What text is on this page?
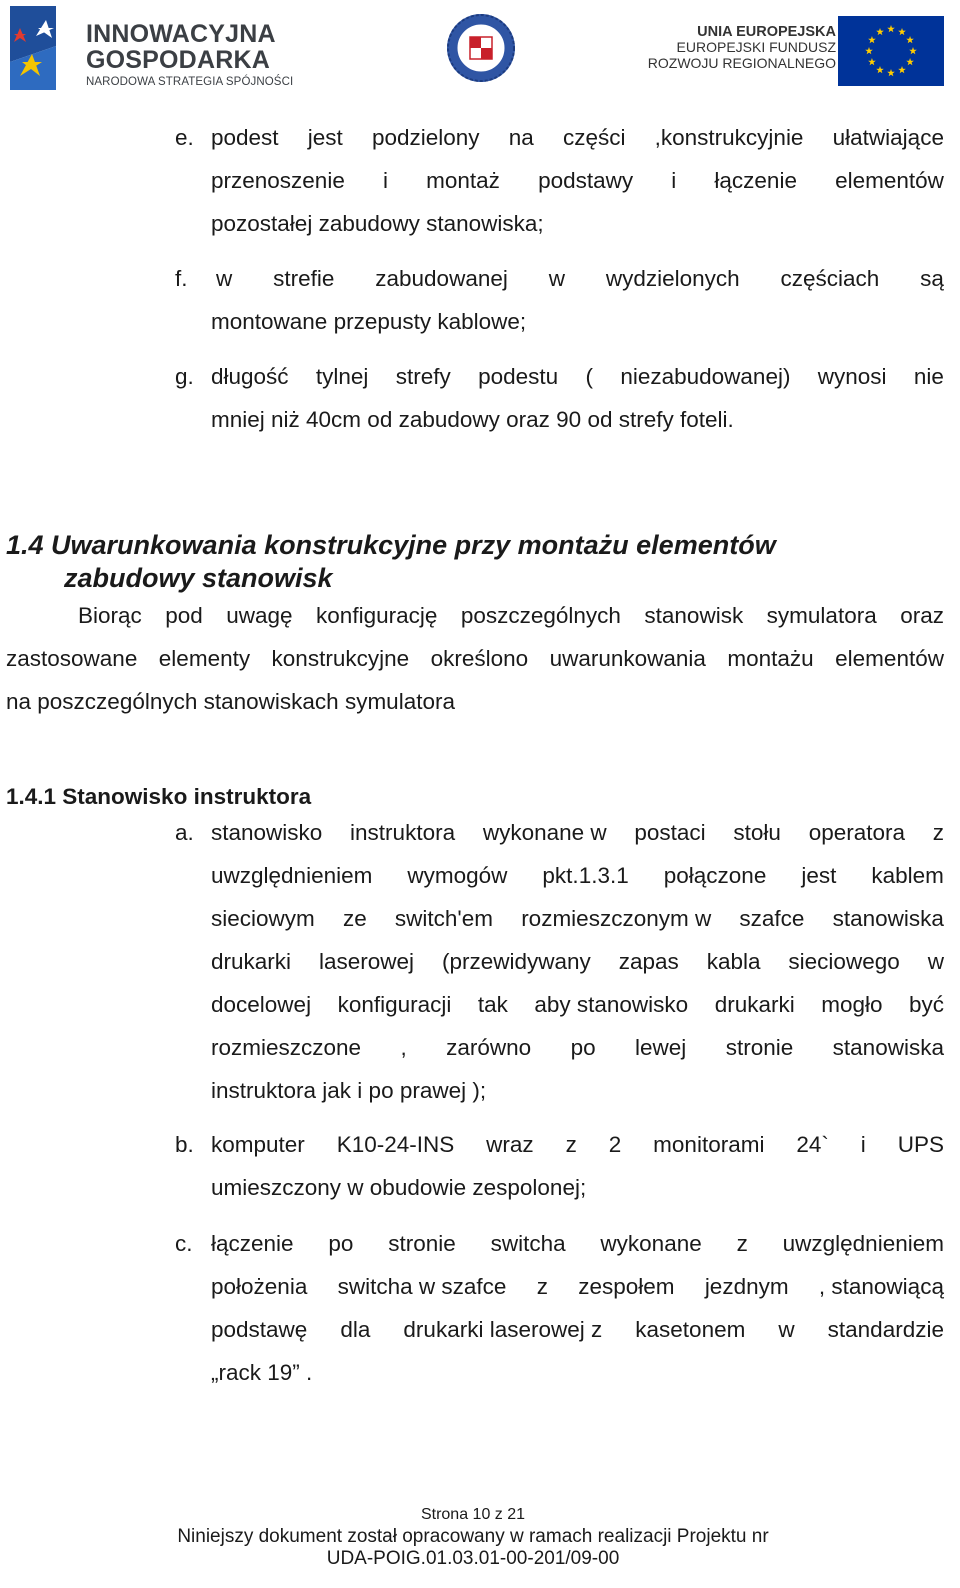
INNOWACYJNA
GOSPODARKA
NARODOWA STRATEGIA SPÓJNOŚCI
UNIA EUROPEJSKA
EUROPEJSKI FUNDUSZ
ROZWOJU REGIONALNEGO
e. podest jest podzielony na części ,konstrukcyjnie ułatwiające
przenoszenie i montaż podstawy i łączenie elementów
pozostałej zabudowy stanowiska;
f. w strefie zabudowanej w wydzielonych częściach są
montowane przepusty kablowe;
g. długość tylnej strefy podestu ( niezabudowanej) wynosi nie
mniej niż 40cm od zabudowy oraz 90 od strefy foteli.
1.4 Uwarunkowania konstrukcyjne przy montażu elementów
zabudowy stanowisk
Biorąc pod uwagę konfigurację poszczególnych stanowisk symulatora oraz
zastosowane elementy konstrukcyjne określono uwarunkowania montażu elementów
na poszczególnych stanowiskach symulatora
1.4.1 Stanowisko instruktora
a. stanowisko instruktora wykonane w postaci stołu operatora z
uwzględnieniem wymogów pkt.1.3.1 połączone jest kablem
sieciowym ze switch'em rozmieszczonym w szafce stanowiska
drukarki laserowej (przewidywany zapas kabla sieciowego w
docelowej konfiguracji tak aby stanowisko drukarki mogło być
rozmieszczone , zarówno po lewej stronie stanowiska
instruktora jak i po prawej );
b. komputer K10-24-INS wraz z 2 monitorami 24` i UPS
umieszczony w obudowie zespolonej;
c. łączenie po stronie switcha wykonane z uwzględnieniem
położenia switcha w szafce z zespołem jezdnym , stanowiącą
podstawę dla drukarki laserowej z kasetonem w standardzie
„rack 19” .
Strona 10 z 21
Niniejszy dokument został opracowany w ramach realizacji Projektu nr
UDA-POIG.01.03.01-00-201/09-00
